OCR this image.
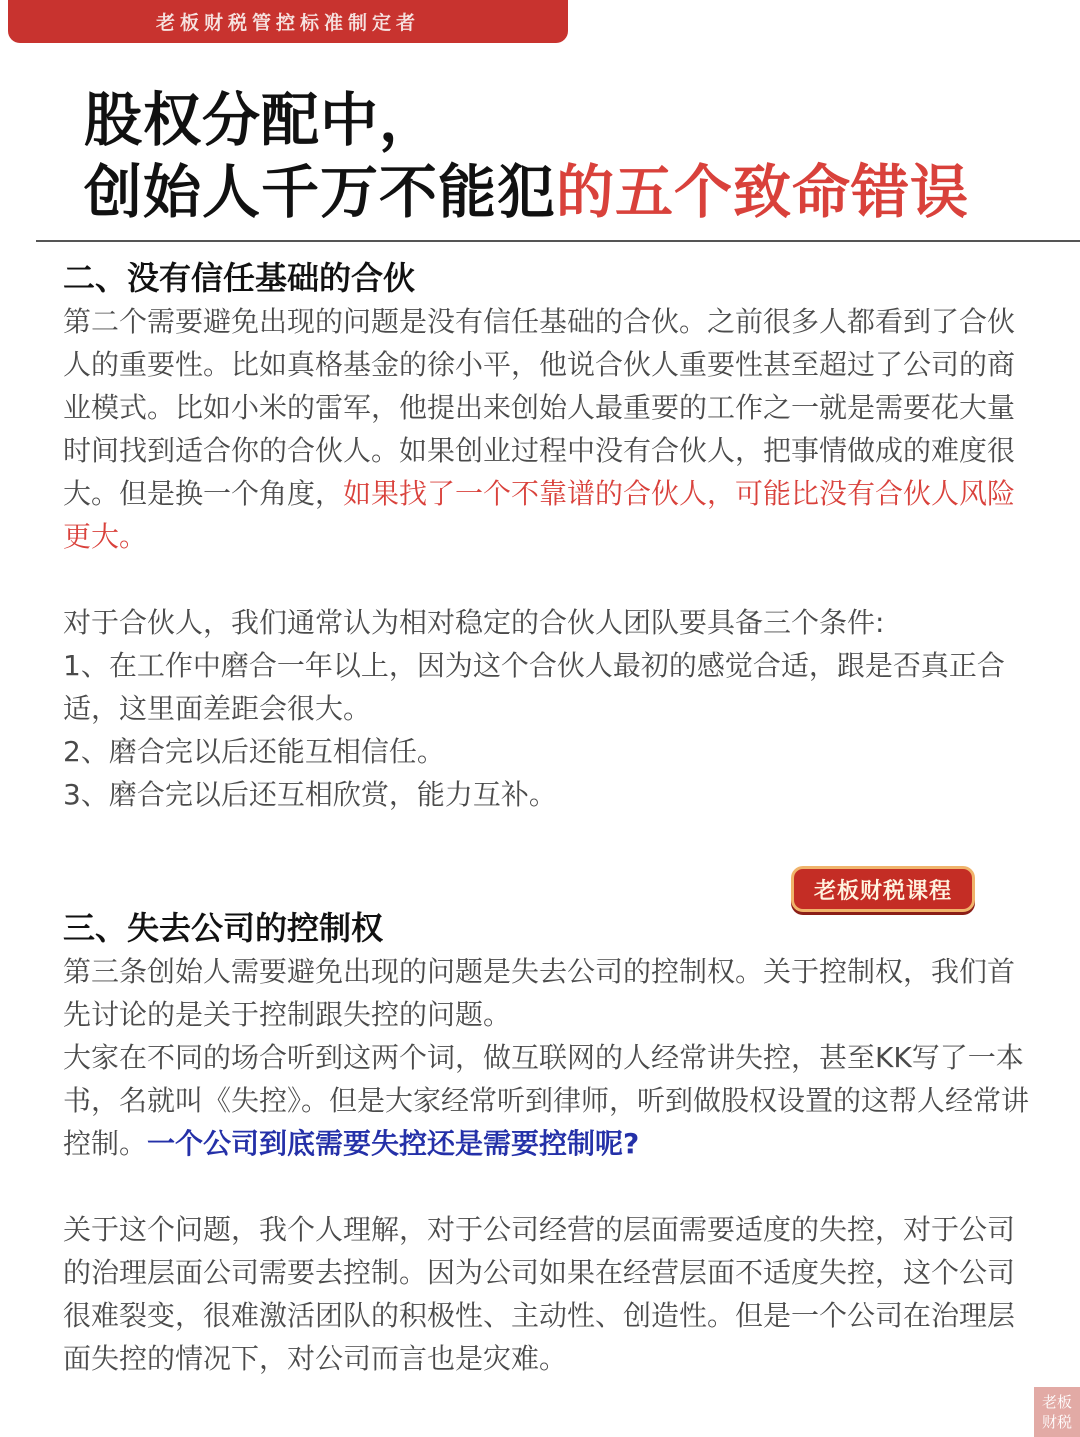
老板财税管控标准制定者
股权分配中，
创始人千万不能犯的五个致命错误
二、没有信任基础的合伙

第二个需要避免出现的问题是没有信任基础的合伙。之前很多人都看到了合伙人的重要性。比如真格基金的徐小平，他说合伙人重要性甚至超过了公司的商业模式。比如小米的雷军，他提出来创始人最重要的工作之一就是需要花大量时间找到适合你的合伙人。如果创业过程中没有合伙人，把事情做成的难度很大。但是换一个角度，如果找了一个不靠谱的合伙人，可能比没有合伙人风险更大。

对于合伙人，我们通常认为相对稳定的合伙人团队要具备三个条件:

1、在工作中磨合一年以上，因为这个合伙人最初的感觉合适，跟是否真正合适，这里面差距会很大。

2、磨合完以后还能互相信任。

3、磨合完以后还互相欣赏，能力互补。

老板财税课程
三、失去公司的控制权

第三条创始人需要避免出现的问题是失去公司的控制权。关于控制权，我们首先讨论的是关于控制跟失控的问题。

大家在不同的场合听到这两个词，做互联网的人经常讲失控，甚至KK写了一本书，名就叫《失控》。但是大家经常听到律师，听到做股权设置的这帮人经常讲控制。一个公司到底需要失控还是需要控制呢?

关于这个问题，我个人理解，对于公司经营的层面需要适度的失控，对于公司的治理层面公司需要去控制。因为公司如果在经营层面不适度失控，这个公司很难裂变，很难激活团队的积极性、主动性、创造性。但是一个公司在治理层面失控的情况下，对公司而言也是灾难。

老板
财税
